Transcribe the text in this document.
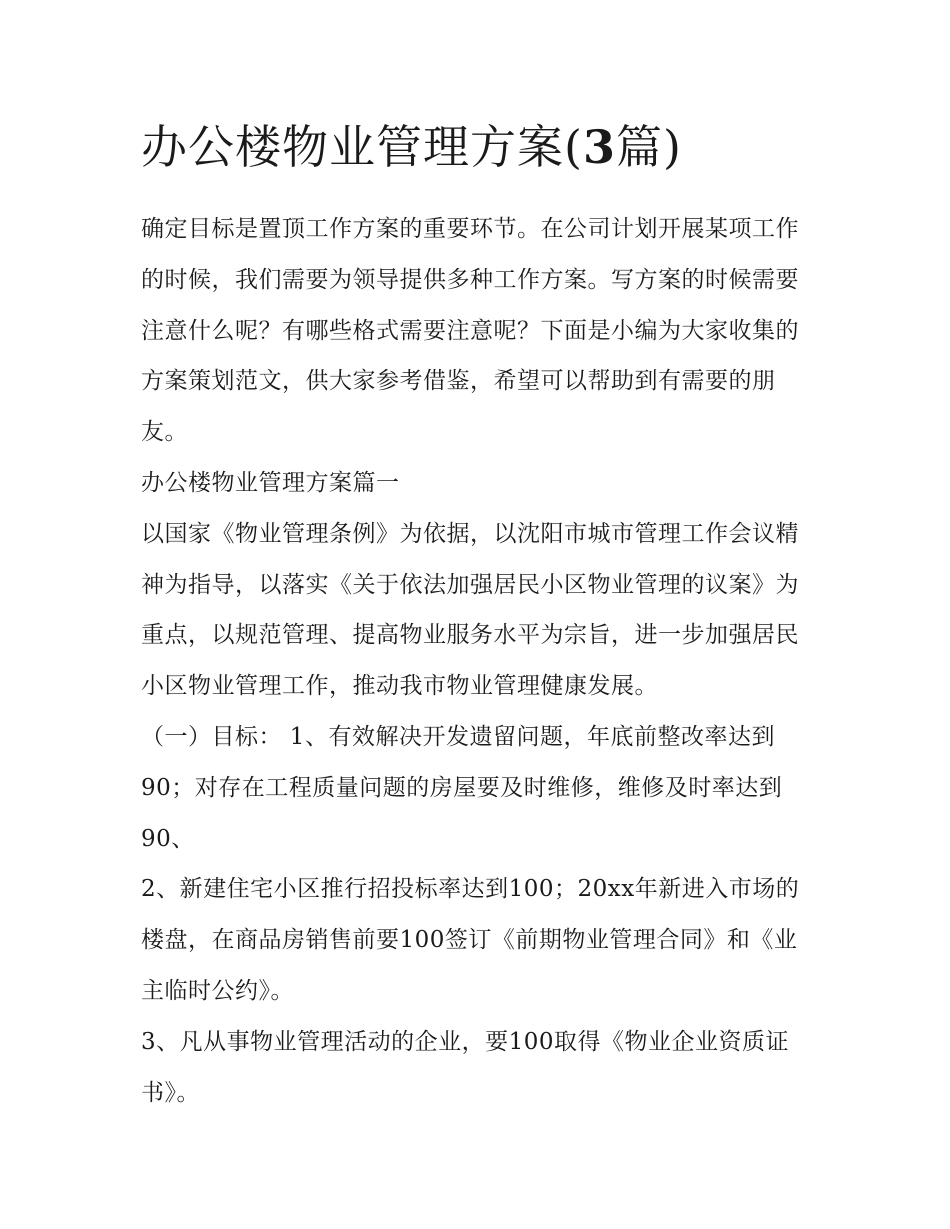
办公楼物业管理方案(3篇)

确定目标是置顶工作方案的重要环节。在公司计划开展某项工作的时候，我们需要为领导提供多种工作方案。写方案的时候需要注意什么呢？有哪些格式需要注意呢？下面是小编为大家收集的方案策划范文，供大家参考借鉴，希望可以帮助到有需要的朋友。

办公楼物业管理方案篇一

以国家《物业管理条例》为依据，以沈阳市城市管理工作会议精神为指导，以落实《关于依法加强居民小区物业管理的议案》为重点，以规范管理、提高物业服务水平为宗旨，进一步加强居民小区物业管理工作，推动我市物业管理健康发展。

（一）目标： 1、有效解决开发遗留问题，年底前整改率达到90；对存在工程质量问题的房屋要及时维修，维修及时率达到90、

2、新建住宅小区推行招投标率达到100；20xx年新进入市场的楼盘，在商品房销售前要100签订《前期物业管理合同》和《业主临时公约》。

3、凡从事物业管理活动的企业，要100取得《物业企业资质证书》。
